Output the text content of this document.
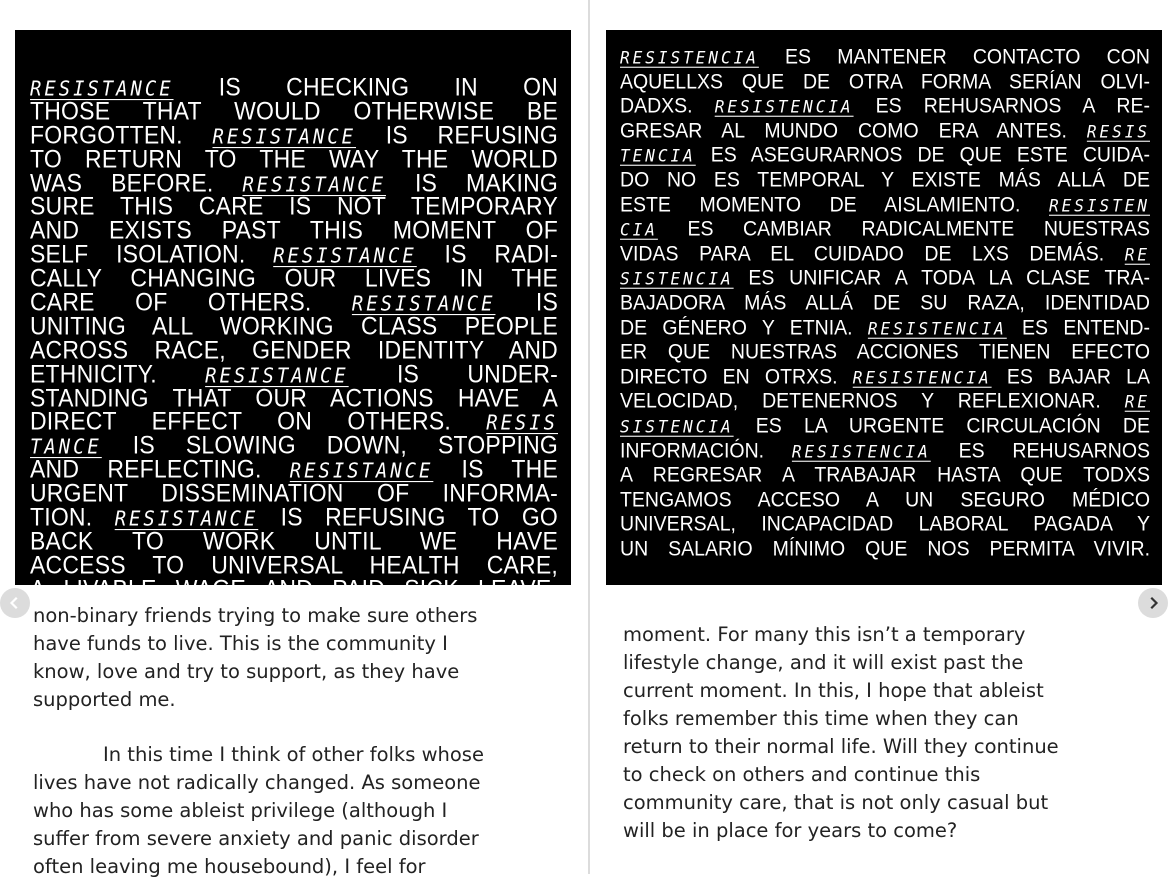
RESISTANCE IS CHECKING IN ON
THOSE THAT WOULD OTHERWISE BE
FORGOTTEN. RESISTANCE IS REFUSING
TO RETURN TO THE WAY THE WORLD
WAS BEFORE. RESISTANCE IS MAKING
SURE THIS CARE IS NOT TEMPORARY
AND EXISTS PAST THIS MOMENT OF
SELF ISOLATION. RESISTANCE IS RADI-
CALLY CHANGING OUR LIVES IN THE
CARE OF OTHERS. RESISTANCE IS
UNITING ALL WORKING CLASS PEOPLE
ACROSS RACE, GENDER IDENTITY AND
ETHNICITY. RESISTANCE IS UNDER-
STANDING THAT OUR ACTIONS HAVE A
DIRECT EFFECT ON OTHERS. RESIS
TANCE IS SLOWING DOWN, STOPPING
AND REFLECTING. RESISTANCE IS THE
URGENT DISSEMINATION OF INFORMA-
TION. RESISTANCE IS REFUSING TO GO
BACK TO WORK UNTIL WE HAVE
ACCESS TO UNIVERSAL HEALTH CARE,
A LIVABLE WAGE AND PAID SICK LEAVE.
non-binary friends trying to make sure others
have funds to live. This is the community I
know, love and try to support, as they have
supported me.
In this time I think of other folks whose
lives have not radically changed. As someone
who has some ableist privilege (although I
suffer from severe anxiety and panic disorder
often leaving me housebound), I feel for
RESISTENCIA ES MANTENER CONTACTO CON
AQUELLXS QUE DE OTRA FORMA SERÍAN OLVI-
DADXS. RESISTENCIA ES REHUSARNOS A RE-
GRESAR AL MUNDO COMO ERA ANTES. RESIS
TENCIA ES ASEGURARNOS DE QUE ESTE CUIDA-
DO NO ES TEMPORAL Y EXISTE MÁS ALLÁ DE
ESTE MOMENTO DE AISLAMIENTO. RESISTEN
CIA ES CAMBIAR RADICALMENTE NUESTRAS
VIDAS PARA EL CUIDADO DE LXS DEMÁS. RE
SISTENCIA ES UNIFICAR A TODA LA CLASE TRA-
BAJADORA MÁS ALLÁ DE SU RAZA, IDENTIDAD
DE GÉNERO Y ETNIA. RESISTENCIA ES ENTEND-
ER QUE NUESTRAS ACCIONES TIENEN EFECTO
DIRECTO EN OTRXS. RESISTENCIA ES BAJAR LA
VELOCIDAD, DETENERNOS Y REFLEXIONAR. RE
SISTENCIA ES LA URGENTE CIRCULACIÓN DE
INFORMACIÓN. RESISTENCIA ES REHUSARNOS
A REGRESAR A TRABAJAR HASTA QUE TODXS
TENGAMOS ACCESO A UN SEGURO MÉDICO
UNIVERSAL, INCAPACIDAD LABORAL PAGADA Y
UN SALARIO MÍNIMO QUE NOS PERMITA VIVIR.
moment. For many this isn’t a temporary
lifestyle change, and it will exist past the
current moment. In this, I hope that ableist
folks remember this time when they can
return to their normal life. Will they continue
to check on others and continue this
community care, that is not only casual but
will be in place for years to come?
